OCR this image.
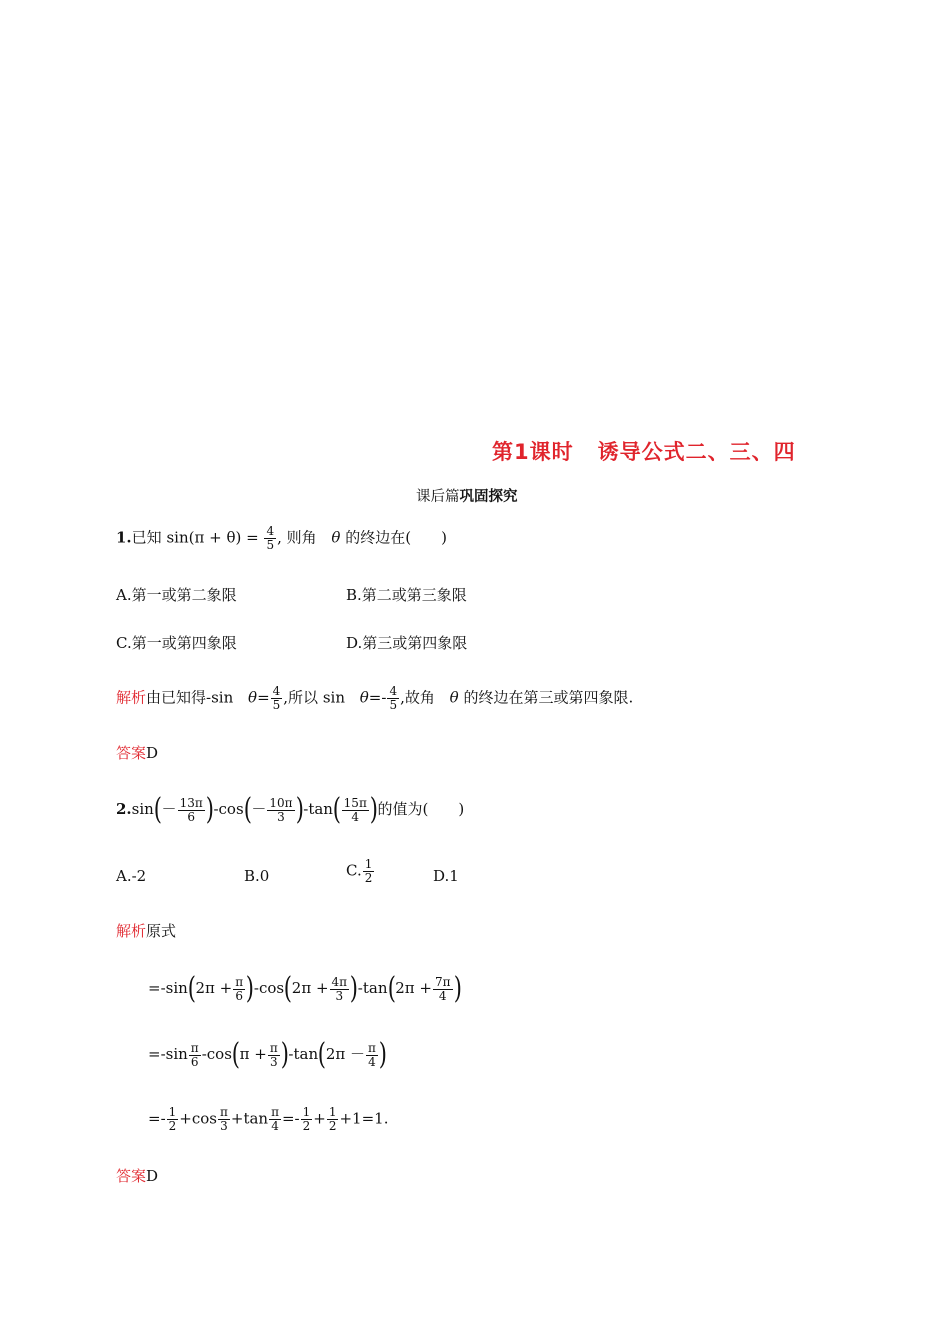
第1课时 诱导公式二、三、四
课后篇巩固探究
1.已知 $\sin(\pi + \theta) = \frac{4}{5}$ , 则角 θ 的终边在(　　)
A.第一或第二象限	B.第二或第三象限
C.第一或第四象限	D.第三或第四象限
解析由已知得-sin $\theta= \frac{4}{5}$ ,所以 $\sin \theta=- \frac{4}{5}$ ,故角 θ 的终边在第三或第四象限.
答案D
$2.\sin(- \frac{13\pi}{6} )-\cos(- \frac{10\pi}{3} )-\tan( \frac{15\pi}{4}$ )的值为(　　)
A.-2	B.0	C. $\frac{1}{2}$	D.1
解析原式
$=-\sin(2\pi + \frac{\pi}{6} )-\cos(2\pi + \frac{4\pi}{3} )-\tan(2\pi + \frac{7\pi}{4}$ )
$=-\sin \frac{\pi}{6} -\cos(\pi + \frac{\pi}{3} )-\tan(2\pi - \frac{\pi}{4}$ )
=- $\frac{1}{2} +\cos \frac{\pi}{3} +\tan \frac{\pi}{4} =- \frac{1}{2} + \frac{1}{2} +1=1$.
答案D
